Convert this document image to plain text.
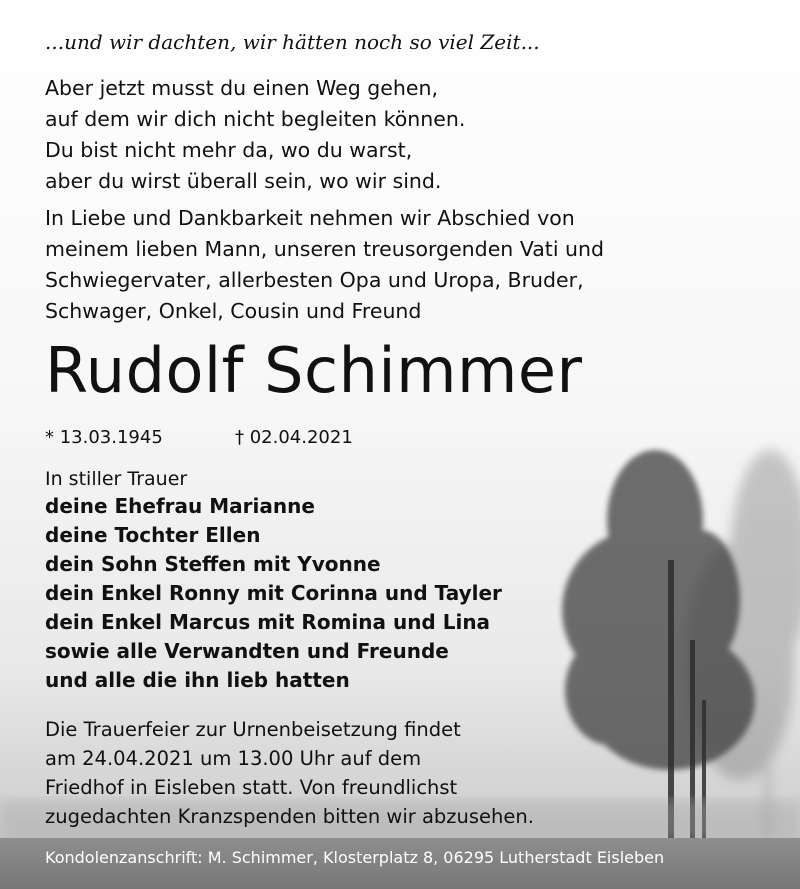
...und wir dachten, wir hätten noch so viel Zeit...

Aber jetzt musst du einen Weg gehen,
auf dem wir dich nicht begleiten können.
Du bist nicht mehr da, wo du warst,
aber du wirst überall sein, wo wir sind.

In Liebe und Dankbarkeit nehmen wir Abschied von
meinem lieben Mann, unseren treusorgenden Vati und
Schwiegervater, allerbesten Opa und Uropa, Bruder,
Schwager, Onkel, Cousin und Freund

Rudolf Schimmer
* 13.03.1945	† 02.04.2021
In stiller Trauer
deine Ehefrau Marianne
deine Tochter Ellen
dein Sohn Steffen mit Yvonne
dein Enkel Ronny mit Corinna und Tayler
dein Enkel Marcus mit Romina und Lina
sowie alle Verwandten und Freunde
und alle die ihn lieb hatten

Die Trauerfeier zur Urnenbeisetzung findet
am 24.04.2021 um 13.00 Uhr auf dem
Friedhof in Eisleben statt. Von freundlichst
zugedachten Kranzspenden bitten wir abzusehen.

Kondolenzanschrift: M. Schimmer, Klosterplatz 8, 06295 Lutherstadt Eisleben
